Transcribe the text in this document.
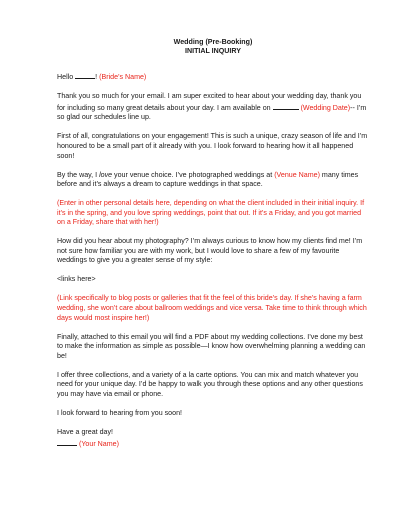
Wedding (Pre-Booking)
INITIAL INQUIRY

Hello	! (Bride’s Name)

Thank you so much for your email. I am super excited to hear about your wedding day, thank you for including so many great details about your day. I am available on	(Wedding Date)-- I’m so glad our schedules line up.

First of all, congratulations on your engagement! This is such a unique, crazy season of life and I’m honoured to be a small part of it already with you. I look forward to hearing how it all happened soon!

By the way, I love your venue choice. I’ve photographed weddings at (Venue Name) many times before and it’s always a dream to capture weddings in that space.

(Enter in other personal details here, depending on what the client included in their initial inquiry. If it’s in the spring, and you love spring weddings, point that out. If it’s a Friday, and you got married on a Friday, share that with her!)

How did you hear about my photography? I’m always curious to know how my clients find me! I’m not sure how familiar you are with my work, but I would love to share a few of my favourite weddings to give you a greater sense of my style:

<links here>

(Link specifically to blog posts or galleries that fit the feel of this bride’s day. If she’s having a farm wedding, she won’t care about ballroom weddings and vice versa. Take time to think through which days would most inspire her!)

Finally, attached to this email you will find a PDF about my wedding collections. I’ve done my best to make the information as simple as possible—I know how overwhelming planning a wedding can be!

I offer three collections, and a variety of a la carte options. You can mix and match whatever you need for your unique day. I’d be happy to walk you through these options and any other questions you may have via email or phone.

I look forward to hearing from you soon!

Have a great day!

(Your Name)
